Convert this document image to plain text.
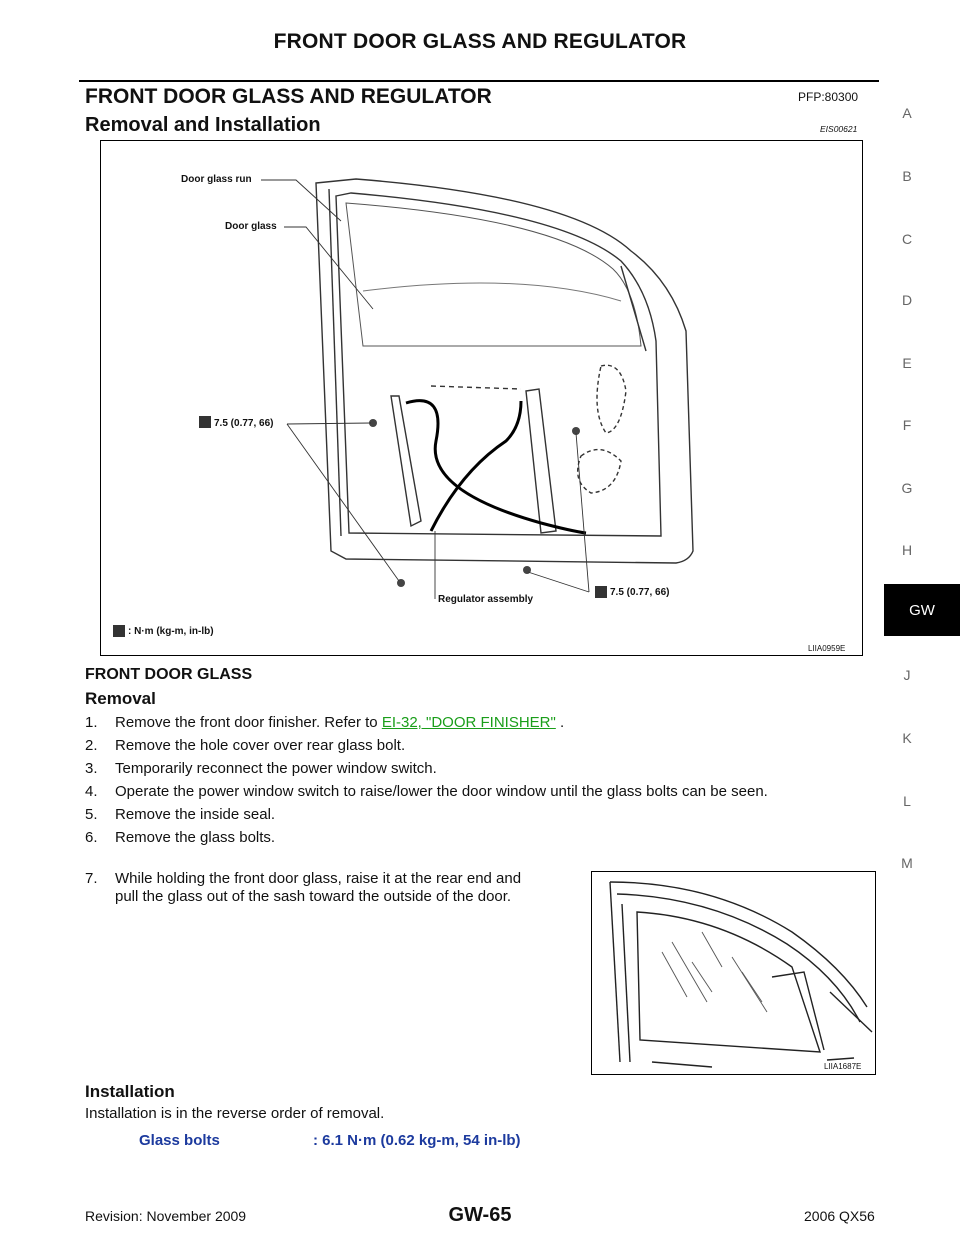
FRONT DOOR GLASS AND REGULATOR
FRONT DOOR GLASS AND REGULATOR	PFP:80300
Removal and Installation	EIS00621
Door glass run
Door glass
7.5 (0.77, 66)
Regulator assembly
7.5 (0.77, 66)
: N·m (kg-m, in-lb)
LIIA0959E
FRONT DOOR GLASS
Removal
1. Remove the front door finisher. Refer to EI-32, "DOOR FINISHER" .
2. Remove the hole cover over rear glass bolt.
3. Temporarily reconnect the power window switch.
4. Operate the power window switch to raise/lower the door window until the glass bolts can be seen.
5. Remove the inside seal.
6. Remove the glass bolts.
7. While holding the front door glass, raise it at the rear end and
pull the glass out of the sash toward the outside of the door.
LIIA1687E
Installation
Installation is in the reverse order of removal.
Glass bolts	: 6.1 N·m (0.62 kg-m, 54 in-lb)
A
B
C
D
E
F
G
H
GW
J
K
L
M
Revision: November 2009	GW-65	2006 QX56
